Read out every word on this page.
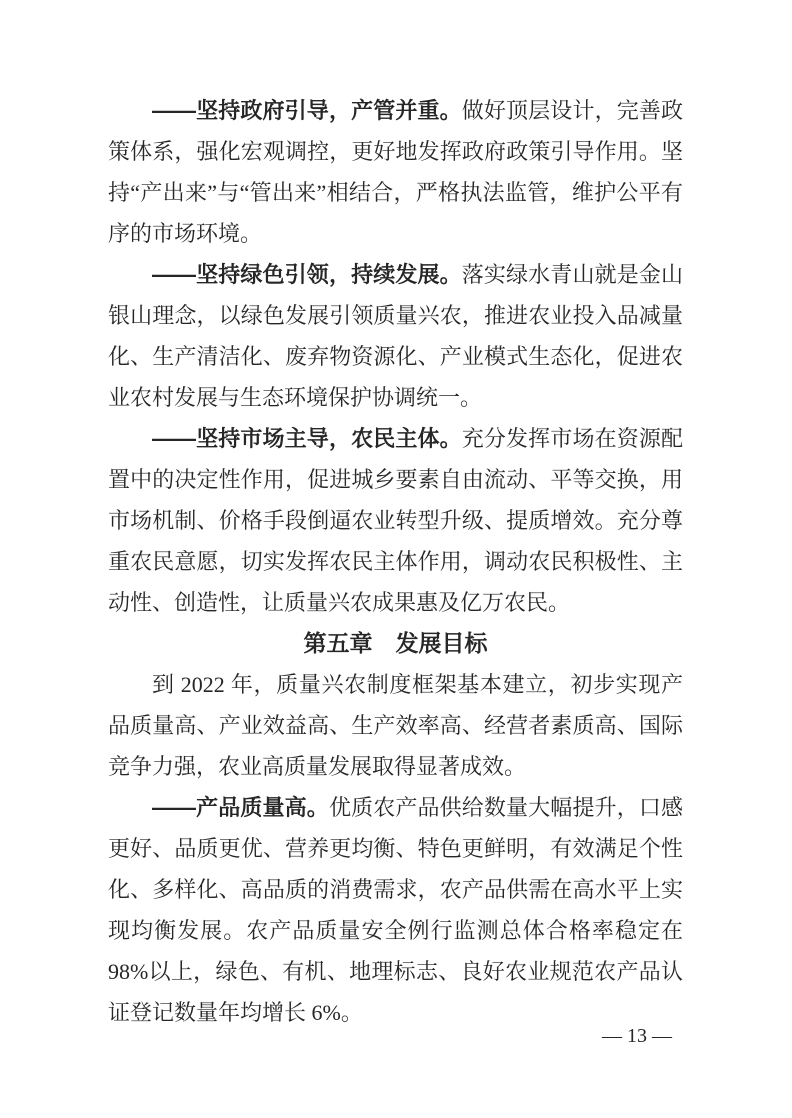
——坚持政府引导，产管并重。做好顶层设计，完善政策体系，强化宏观调控，更好地发挥政府政策引导作用。坚持“产出来”与“管出来”相结合，严格执法监管，维护公平有序的市场环境。

——坚持绿色引领，持续发展。落实绿水青山就是金山银山理念，以绿色发展引领质量兴农，推进农业投入品减量化、生产清洁化、废弃物资源化、产业模式生态化，促进农业农村发展与生态环境保护协调统一。

——坚持市场主导，农民主体。充分发挥市场在资源配置中的决定性作用，促进城乡要素自由流动、平等交换，用市场机制、价格手段倒逼农业转型升级、提质增效。充分尊重农民意愿，切实发挥农民主体作用，调动农民积极性、主动性、创造性，让质量兴农成果惠及亿万农民。

第五章　发展目标

到 2022 年，质量兴农制度框架基本建立，初步实现产品质量高、产业效益高、生产效率高、经营者素质高、国际竞争力强，农业高质量发展取得显著成效。

——产品质量高。优质农产品供给数量大幅提升，口感更好、品质更优、营养更均衡、特色更鲜明，有效满足个性化、多样化、高品质的消费需求，农产品供需在高水平上实现均衡发展。农产品质量安全例行监测总体合格率稳定在 98%以上，绿色、有机、地理标志、良好农业规范农产品认证登记数量年均增长 6%。

— 13 —
